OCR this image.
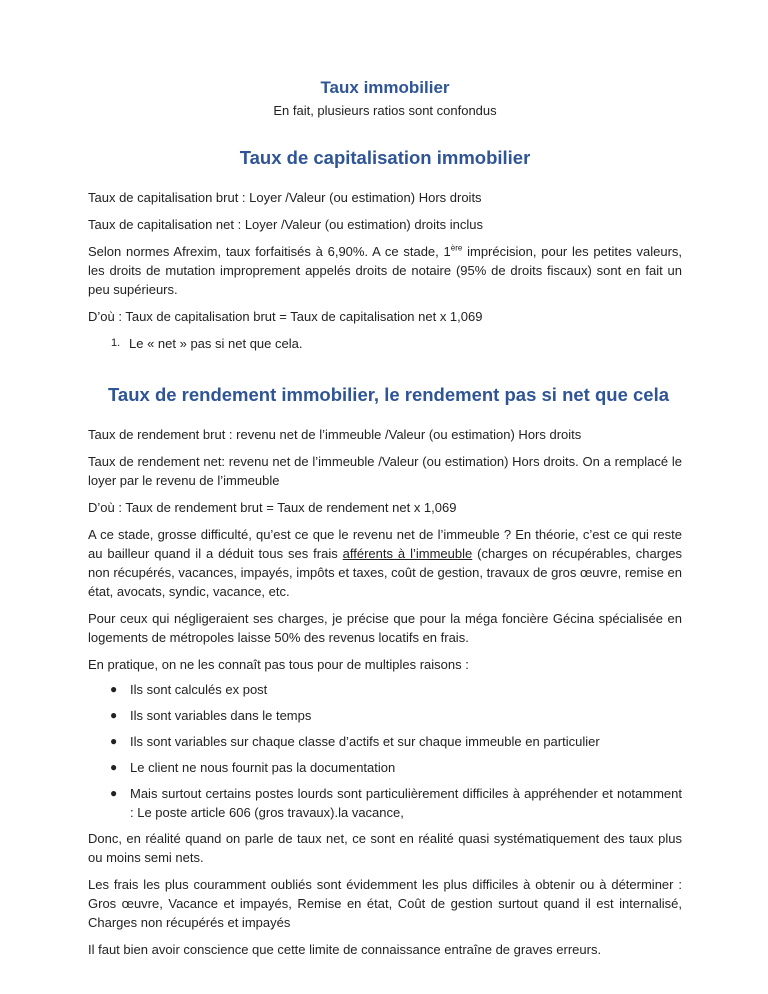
Taux immobilier

En fait, plusieurs ratios sont confondus

Taux de capitalisation immobilier

Taux de capitalisation brut : Loyer /Valeur (ou estimation) Hors droits

Taux de capitalisation net : Loyer /Valeur (ou estimation) droits inclus

Selon normes Afrexim, taux forfaitisés à 6,90%. A ce stade, 1ère imprécision, pour les petites valeurs, les droits de mutation improprement appelés droits de notaire (95% de droits fiscaux) sont en fait un peu supérieurs.

D’où : Taux de capitalisation brut = Taux de capitalisation net x 1,069

1. Le « net » pas si net que cela.
Taux de rendement immobilier, le rendement pas si net que cela

Taux de rendement brut : revenu net de l’immeuble /Valeur (ou estimation) Hors droits

Taux de rendement net: revenu net de l’immeuble /Valeur (ou estimation) Hors droits. On a remplacé le loyer par le revenu de l’immeuble

D’où : Taux de rendement brut = Taux de rendement net x 1,069

A ce stade, grosse difficulté, qu’est ce que le revenu net de l’immeuble ? En théorie, c’est ce qui reste au bailleur quand il a déduit tous ses frais afférents à l’immeuble (charges on récupérables, charges non récupérés, vacances, impayés, impôts et taxes, coût de gestion, travaux de gros œuvre, remise en état, avocats, syndic, vacance, etc.

Pour ceux qui négligeraient ses charges, je précise que pour la méga foncière Gécina spécialisée en logements de métropoles laisse 50% des revenus locatifs en frais.

En pratique, on ne les connaît pas tous pour de multiples raisons :

● Ils sont calculés ex post
● Ils sont variables dans le temps
● Ils sont variables sur chaque classe d’actifs et sur chaque immeuble en particulier
● Le client ne nous fournit pas la documentation
● Mais surtout certains postes lourds sont particulièrement difficiles à appréhender et notamment : Le poste article 606 (gros travaux).la vacance,

Donc, en réalité quand on parle de taux net, ce sont en réalité quasi systématiquement des taux plus ou moins semi nets.

Les frais les plus couramment oubliés sont évidemment les plus difficiles à obtenir ou à déterminer : Gros œuvre, Vacance et impayés, Remise en état, Coût de gestion surtout quand il est internalisé, Charges non récupérés et impayés

Il faut bien avoir conscience que cette limite de connaissance entraîne de graves erreurs.
